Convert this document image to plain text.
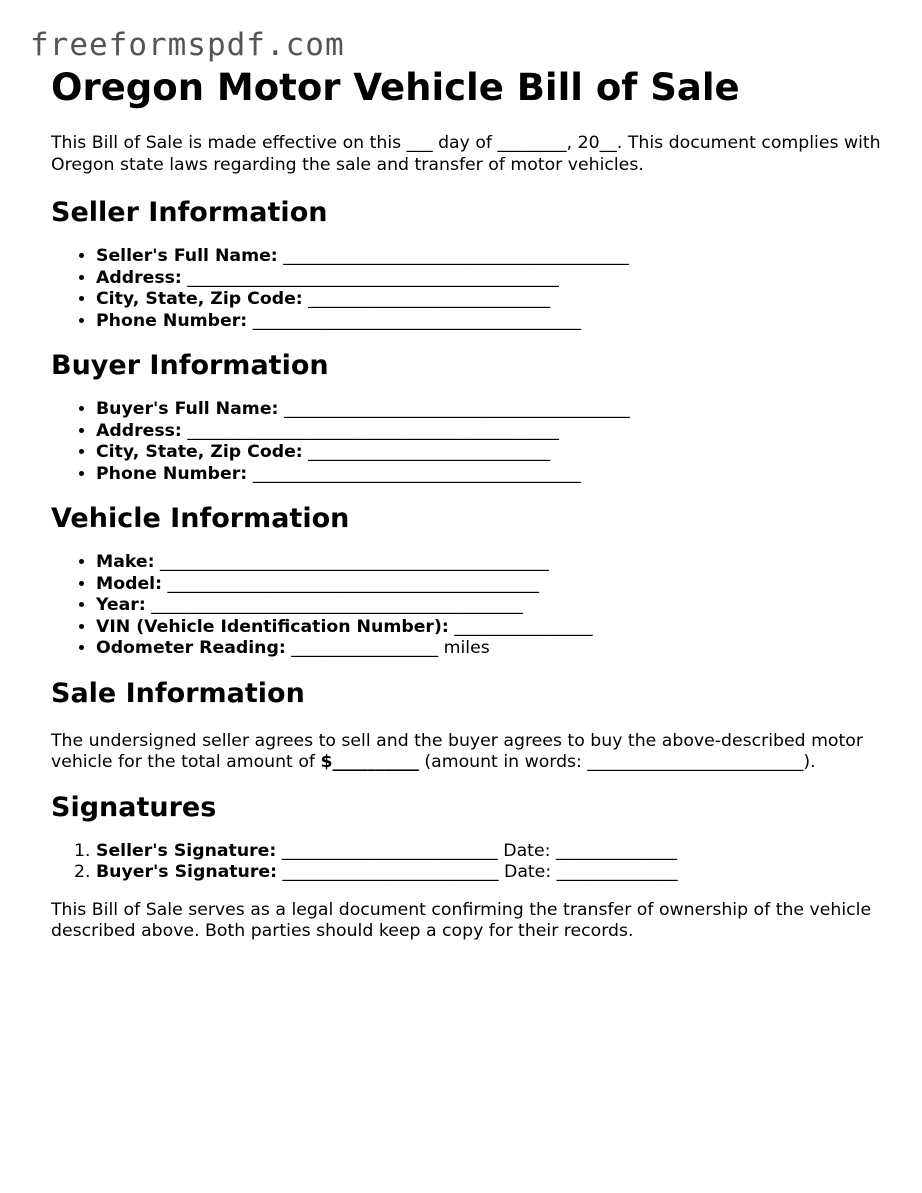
freeformspdf.com
Oregon Motor Vehicle Bill of Sale

This Bill of Sale is made effective on this ___ day of ________, 20__. This document complies with Oregon state laws regarding the sale and transfer of motor vehicles.

Seller Information
• Seller's Full Name: ________________________________________
• Address: ___________________________________________
• City, State, Zip Code: ____________________________
• Phone Number: ______________________________________
Buyer Information
• Buyer's Full Name: ________________________________________
• Address: ___________________________________________
• City, State, Zip Code: ____________________________
• Phone Number: ______________________________________
Vehicle Information
• Make: _____________________________________________
• Model: ___________________________________________
• Year: ___________________________________________
• VIN (Vehicle Identification Number): ________________
• Odometer Reading: _________________ miles
Sale Information

The undersigned seller agrees to sell and the buyer agrees to buy the above-described motor vehicle for the total amount of $__________ (amount in words: _________________________).

Signatures
1. Seller's Signature: _________________________ Date: ______________
2. Buyer's Signature: _________________________ Date: ______________

This Bill of Sale serves as a legal document confirming the transfer of ownership of the vehicle described above. Both parties should keep a copy for their records.
